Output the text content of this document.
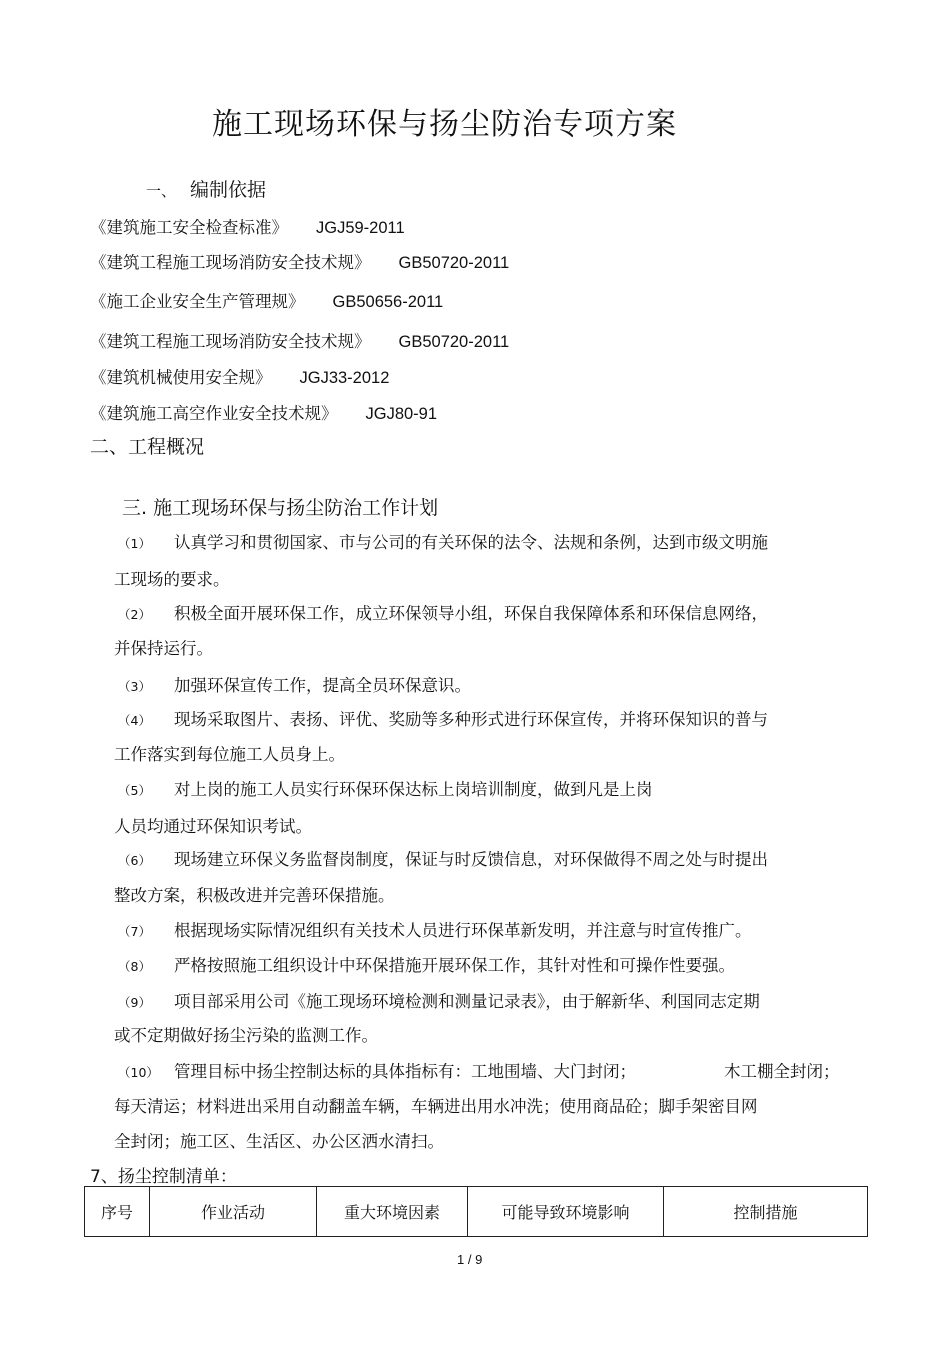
施工现场环保与扬尘防治专项方案
一、 编制依据
《建筑施工安全检查标准》 JGJ59-2011
《建筑工程施工现场消防安全技术规》 GB50720-2011
《施工企业安全生产管理规》 GB50656-2011
《建筑工程施工现场消防安全技术规》 GB50720-2011
《建筑机械使用安全规》 JGJ33-2012
《建筑施工高空作业安全技术规》 JGJ80-91
二、工程概况
三. 施工现场环保与扬尘防治工作计划
（1） 认真学习和贯彻国家、市与公司的有关环保的法令、法规和条例，达到市级文明施
工现场的要求。
（2） 积极全面开展环保工作，成立环保领导小组，环保自我保障体系和环保信息网络，
并保持运行。
（3） 加强环保宣传工作，提高全员环保意识。
（4） 现场采取图片、表扬、评优、奖励等多种形式进行环保宣传，并将环保知识的普与
工作落实到每位施工人员身上。
（5） 对上岗的施工人员实行环保环保达标上岗培训制度，做到凡是上岗
人员均通过环保知识考试。
（6） 现场建立环保义务监督岗制度，保证与时反馈信息，对环保做得不周之处与时提出
整改方案，积极改进并完善环保措施。
（7） 根据现场实际情况组织有关技术人员进行环保革新发明，并注意与时宣传推广。
（8） 严格按照施工组织设计中环保措施开展环保工作，其针对性和可操作性要强。
（9） 项目部采用公司《施工现场环境检测和测量记录表》，由于解新华、利国同志定期
或不定期做好扬尘污染的监测工作。
（10） 管理目标中扬尘控制达标的具体指标有：工地围墙、大门封闭；	木工棚全封闭；
每天清运；材料进出采用自动翻盖车辆，车辆进出用水冲洗；使用商品砼；脚手架密目网
全封闭；施工区、生活区、办公区洒水清扫。
7、扬尘控制清单：
序号	作业活动	重大环境因素	可能导致环境影响	控制措施
1 / 9
